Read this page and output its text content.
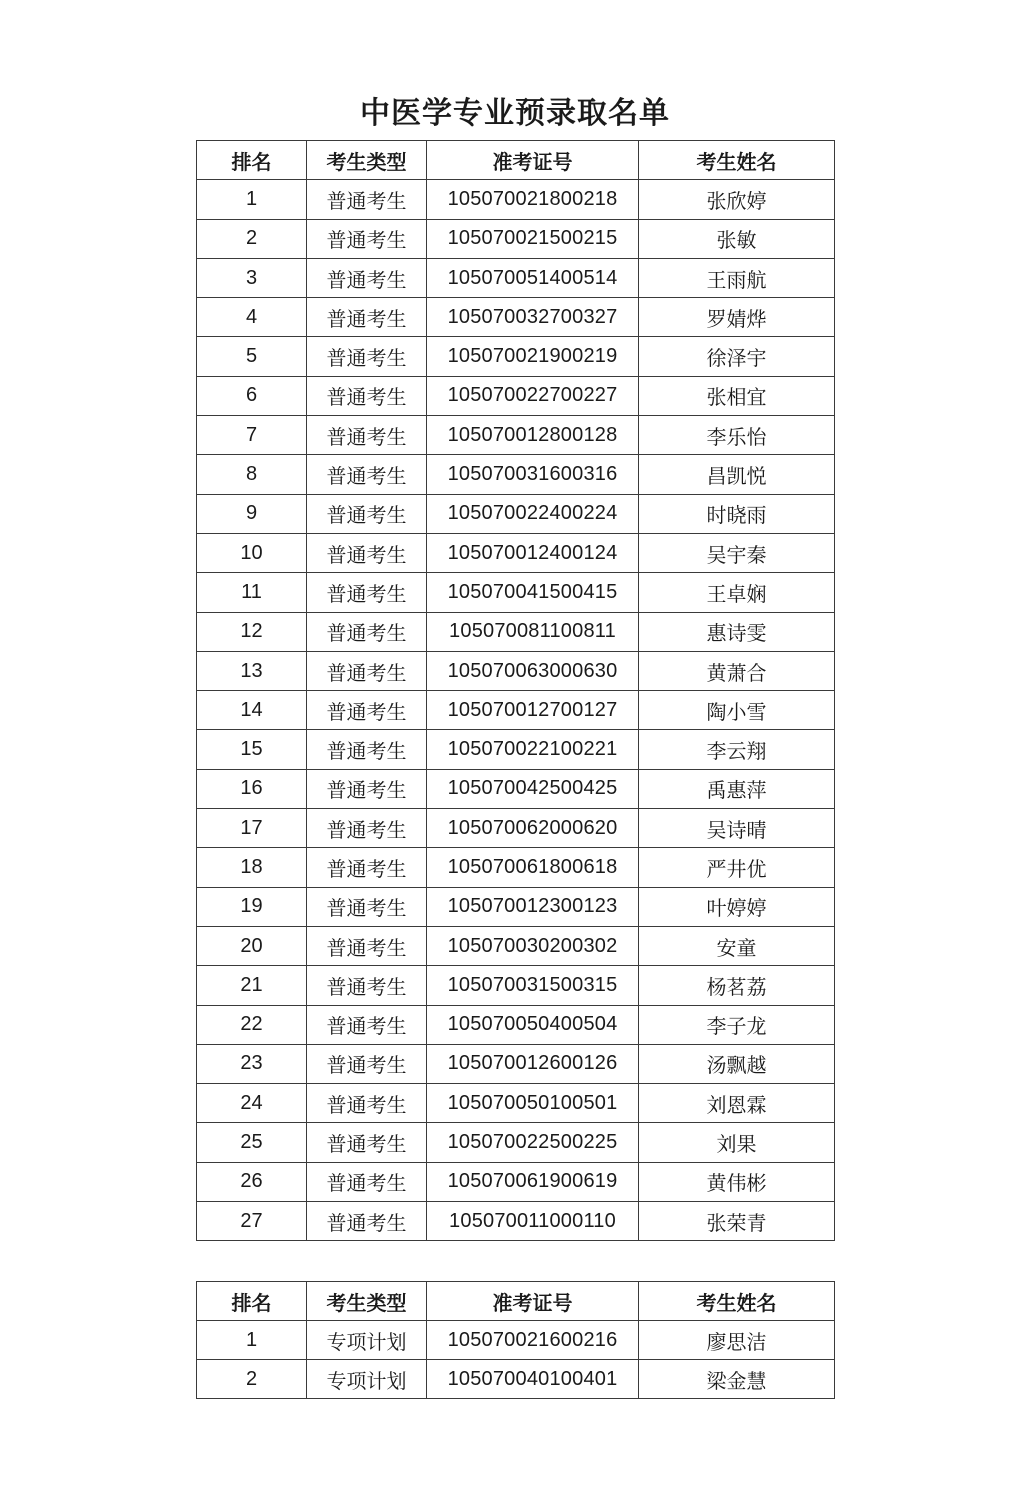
中医学专业预录取名单
排名	考生类型	准考证号	考生姓名
1	普通考生	105070021800218	张欣婷
2	普通考生	105070021500215	张敏
3	普通考生	105070051400514	王雨航
4	普通考生	105070032700327	罗婧烨
5	普通考生	105070021900219	徐泽宇
6	普通考生	105070022700227	张相宜
7	普通考生	105070012800128	李乐怡
8	普通考生	105070031600316	昌凯悦
9	普通考生	105070022400224	时晓雨
10	普通考生	105070012400124	吴宇秦
11	普通考生	105070041500415	王卓娴
12	普通考生	105070081100811	惠诗雯
13	普通考生	105070063000630	黄萧合
14	普通考生	105070012700127	陶小雪
15	普通考生	105070022100221	李云翔
16	普通考生	105070042500425	禹惠萍
17	普通考生	105070062000620	吴诗晴
18	普通考生	105070061800618	严井优
19	普通考生	105070012300123	叶婷婷
20	普通考生	105070030200302	安童
21	普通考生	105070031500315	杨茗荔
22	普通考生	105070050400504	李子龙
23	普通考生	105070012600126	汤飘越
24	普通考生	105070050100501	刘恩霖
25	普通考生	105070022500225	刘果
26	普通考生	105070061900619	黄伟彬
27	普通考生	105070011000110	张荣青
排名	考生类型	准考证号	考生姓名
1	专项计划	105070021600216	廖思洁
2	专项计划	105070040100401	梁金慧
